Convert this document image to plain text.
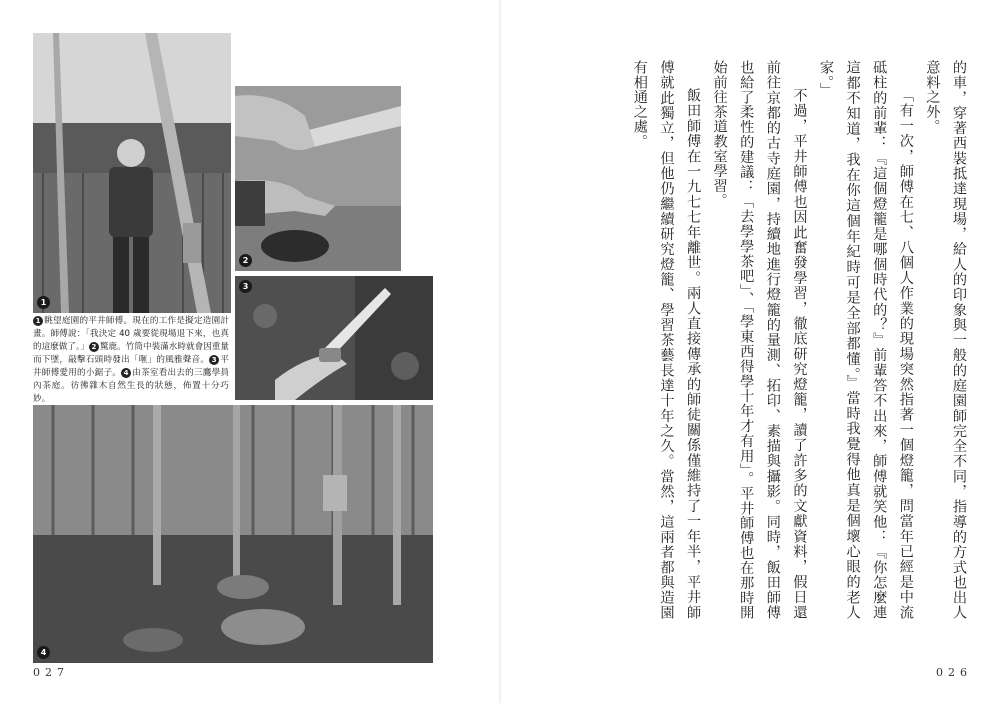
1
2
3
1 眺望庭園的平井師傅。現在的工作是擬定造園計畫。師傅說：「我決定 40 歲要從現場退下來，也真的這麼做了。」 2 驚鹿。竹筒中裝滿水時就會因重量而下墜，敲擊石頭時發出「咂」的風雅聲音。 3 平井師傅愛用的小鋸子。 4 由茶室看出去的三鷹學員內茶庭。彷彿雜木自然生長的狀態，佈置十分巧妙。
4
027

的車，穿著西裝抵達現場，給人的印象與一般的庭園師完全不同，指導的方式也出人意料之外。

「有一次，師傅在七、八個人作業的現場突然指著一個燈籠，問當年已經是中流砥柱的前輩：『這個燈籠是哪個時代的？』前輩答不出來，師傅就笑他：『你怎麼連這都不知道，我在你這個年紀時可是全部都懂。』當時我覺得他真是個壞心眼的老人家。」

不過，平井師傅也因此奮發學習，徹底研究燈籠，讀了許多的文獻資料，假日還前往京都的古寺庭園，持續地進行燈籠的量測、拓印、素描與攝影。同時，飯田師傅也給了柔性的建議：「去學學茶吧」、「學東西得學十年才有用」。平井師傅也在那時開始前往茶道教室學習。

飯田師傅在一九七七年離世。兩人直接傳承的師徒關係僅維持了一年半，平井師傅就此獨立，但他仍繼續研究燈籠、學習茶藝長達十年之久。當然，這兩者都與造園有相通之處。

026
